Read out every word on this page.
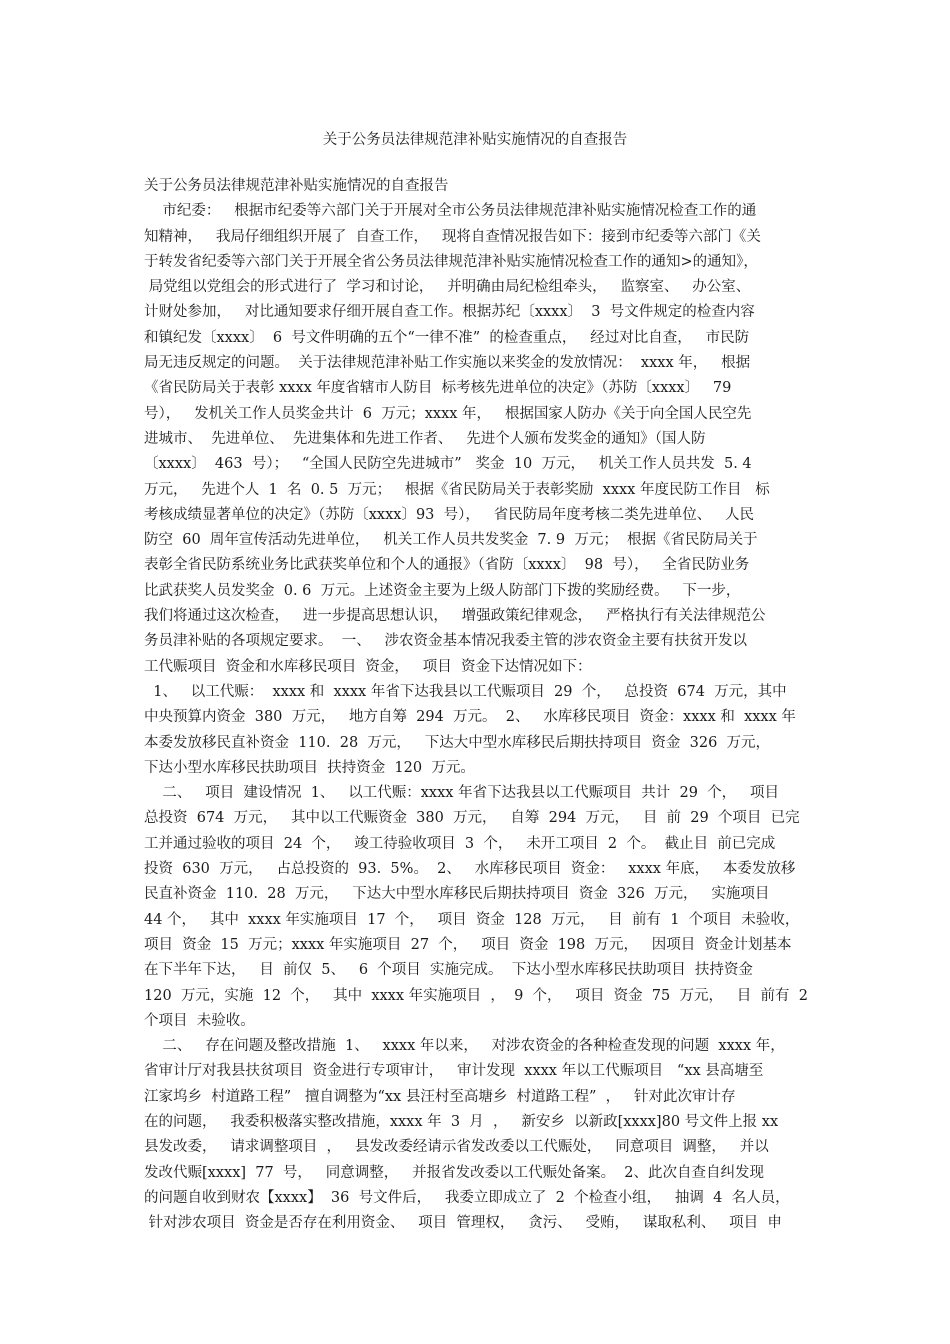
关于公务员法律规范津补贴实施情况的自查报告
关于公务员法律规范津补贴实施情况的自查报告
市纪委：   根据市纪委等六部门关于开展对全市公务员法律规范津补贴实施情况检查工作的通
知精神，   我局仔细组织开展了  自查工作，   现将自查情况报告如下：接到市纪委等六部门《关
于转发省纪委等六部门关于开展全省公务员法律规范津补贴实施情况检查工作的通知>的通知》，
局党组以党组会的形式进行了  学习和讨论，   并明确由局纪检组牵头，   监察室、   办公室、
计财处参加，   对比通知要求仔细开展自查工作。根据苏纪〔xxxx〕  3  号文件规定的检查内容
和镇纪发〔xxxx〕  6  号文件明确的五个“一律不准”  的检查重点，   经过对比自查，   市民防
局无违反规定的问题。  关于法律规范津补贴工作实施以来奖金的发放情况：  xxxx 年，   根据
《省民防局关于表彰 xxxx 年度省辖市人防目  标考核先进单位的决定》（苏防〔xxxx〕   79
号），   发机关工作人员奖金共计  6  万元；xxxx 年，   根据国家人防办《关于向全国人民空先
进城市、  先进单位、  先进集体和先进工作者、   先进个人颁布发奖金的通知》（国人防
〔xxxx〕  463  号）；   “全国人民防空先进城市”   奖金  10  万元，   机关工作人员共发  5. 4
万元，   先进个人  1  名  0. 5  万元；   根据《省民防局关于表彰奖励  xxxx 年度民防工作目   标
考核成绩显著单位的决定》（苏防〔xxxx〕93  号），   省民防局年度考核二类先进单位、   人民
防空  60  周年宣传活动先进单位，   机关工作人员共发奖金  7. 9  万元；  根据《省民防局关于
表彰全省民防系统业务比武获奖单位和个人的通报》（省防〔xxxx〕  98  号），   全省民防业务
比武获奖人员发奖金  0. 6  万元。上述资金主要为上级人防部门下拨的奖励经费。   下一步，
我们将通过这次检查，   进一步提高思想认识，   增强政策纪律观念，   严格执行有关法律规范公
务员津补贴的各项规定要求。  一、   涉农资金基本情况我委主管的涉农资金主要有扶贫开发以
工代赈项目  资金和水库移民项目  资金，   项目  资金下达情况如下：
1、   以工代赈：  xxxx 和  xxxx 年省下达我县以工代赈项目  29  个，   总投资  674  万元，其中
中央预算内资金  380  万元，   地方自筹  294  万元。  2、   水库移民项目  资金：xxxx 和  xxxx 年
本委发放移民直补资金  110.  28  万元，   下达大中型水库移民后期扶持项目  资金  326  万元，
下达小型水库移民扶助项目  扶持资金  120  万元。
二、   项目  建设情况  1、   以工代赈：xxxx 年省下达我县以工代赈项目  共计  29  个，   项目
总投资  674  万元，   其中以工代赈资金  380  万元，   自筹  294  万元，   目  前  29  个项目  已完
工并通过验收的项目  24  个，   竣工待验收项目  3  个，   未开工项目  2  个。  截止目  前已完成
投资  630  万元，   占总投资的  93.  5%。  2、   水库移民项目  资金：   xxxx 年底，   本委发放移
民直补资金  110.  28  万元，   下达大中型水库移民后期扶持项目  资金  326  万元，   实施项目
44 个，   其中  xxxx 年实施项目  17  个，   项目  资金  128  万元，   目  前有  1  个项目  未验收，
项目  资金  15  万元；xxxx 年实施项目  27  个，   项目  资金  198  万元，   因项目  资金计划基本
在下半年下达，   目  前仅  5、   6  个项目  实施完成。  下达小型水库移民扶助项目  扶持资金
120  万元，实施  12  个，   其中  xxxx 年实施项目  ，  9  个，   项目  资金  75  万元，   目  前有  2
个项目  未验收。
二、   存在问题及整改措施  1、   xxxx 年以来，   对涉农资金的各种检查发现的问题  xxxx 年，
省审计厅对我县扶贫项目  资金进行专项审计，   审计发现  xxxx 年以工代赈项目   “xx 县高塘至
江家坞乡  村道路工程”   擅自调整为“xx 县汪村至高塘乡  村道路工程”  ，   针对此次审计存
在的问题，   我委积极落实整改措施，xxxx 年  3  月  ，   新安乡  以新政[xxxx]80 号文件上报 xx
县发改委，   请求调整项目  ，   县发改委经请示省发改委以工代赈处，   同意项目  调整，   并以
发改代赈[xxxx]  77  号，   同意调整，   并报省发改委以工代赈处备案。  2、此次自查自纠发现
的问题自收到财农【xxxx】  36  号文件后，   我委立即成立了  2  个检查小组，   抽调  4  名人员，
针对涉农项目  资金是否存在利用资金、   项目  管理权，   贪污、   受贿，   谋取私利、   项目  申
